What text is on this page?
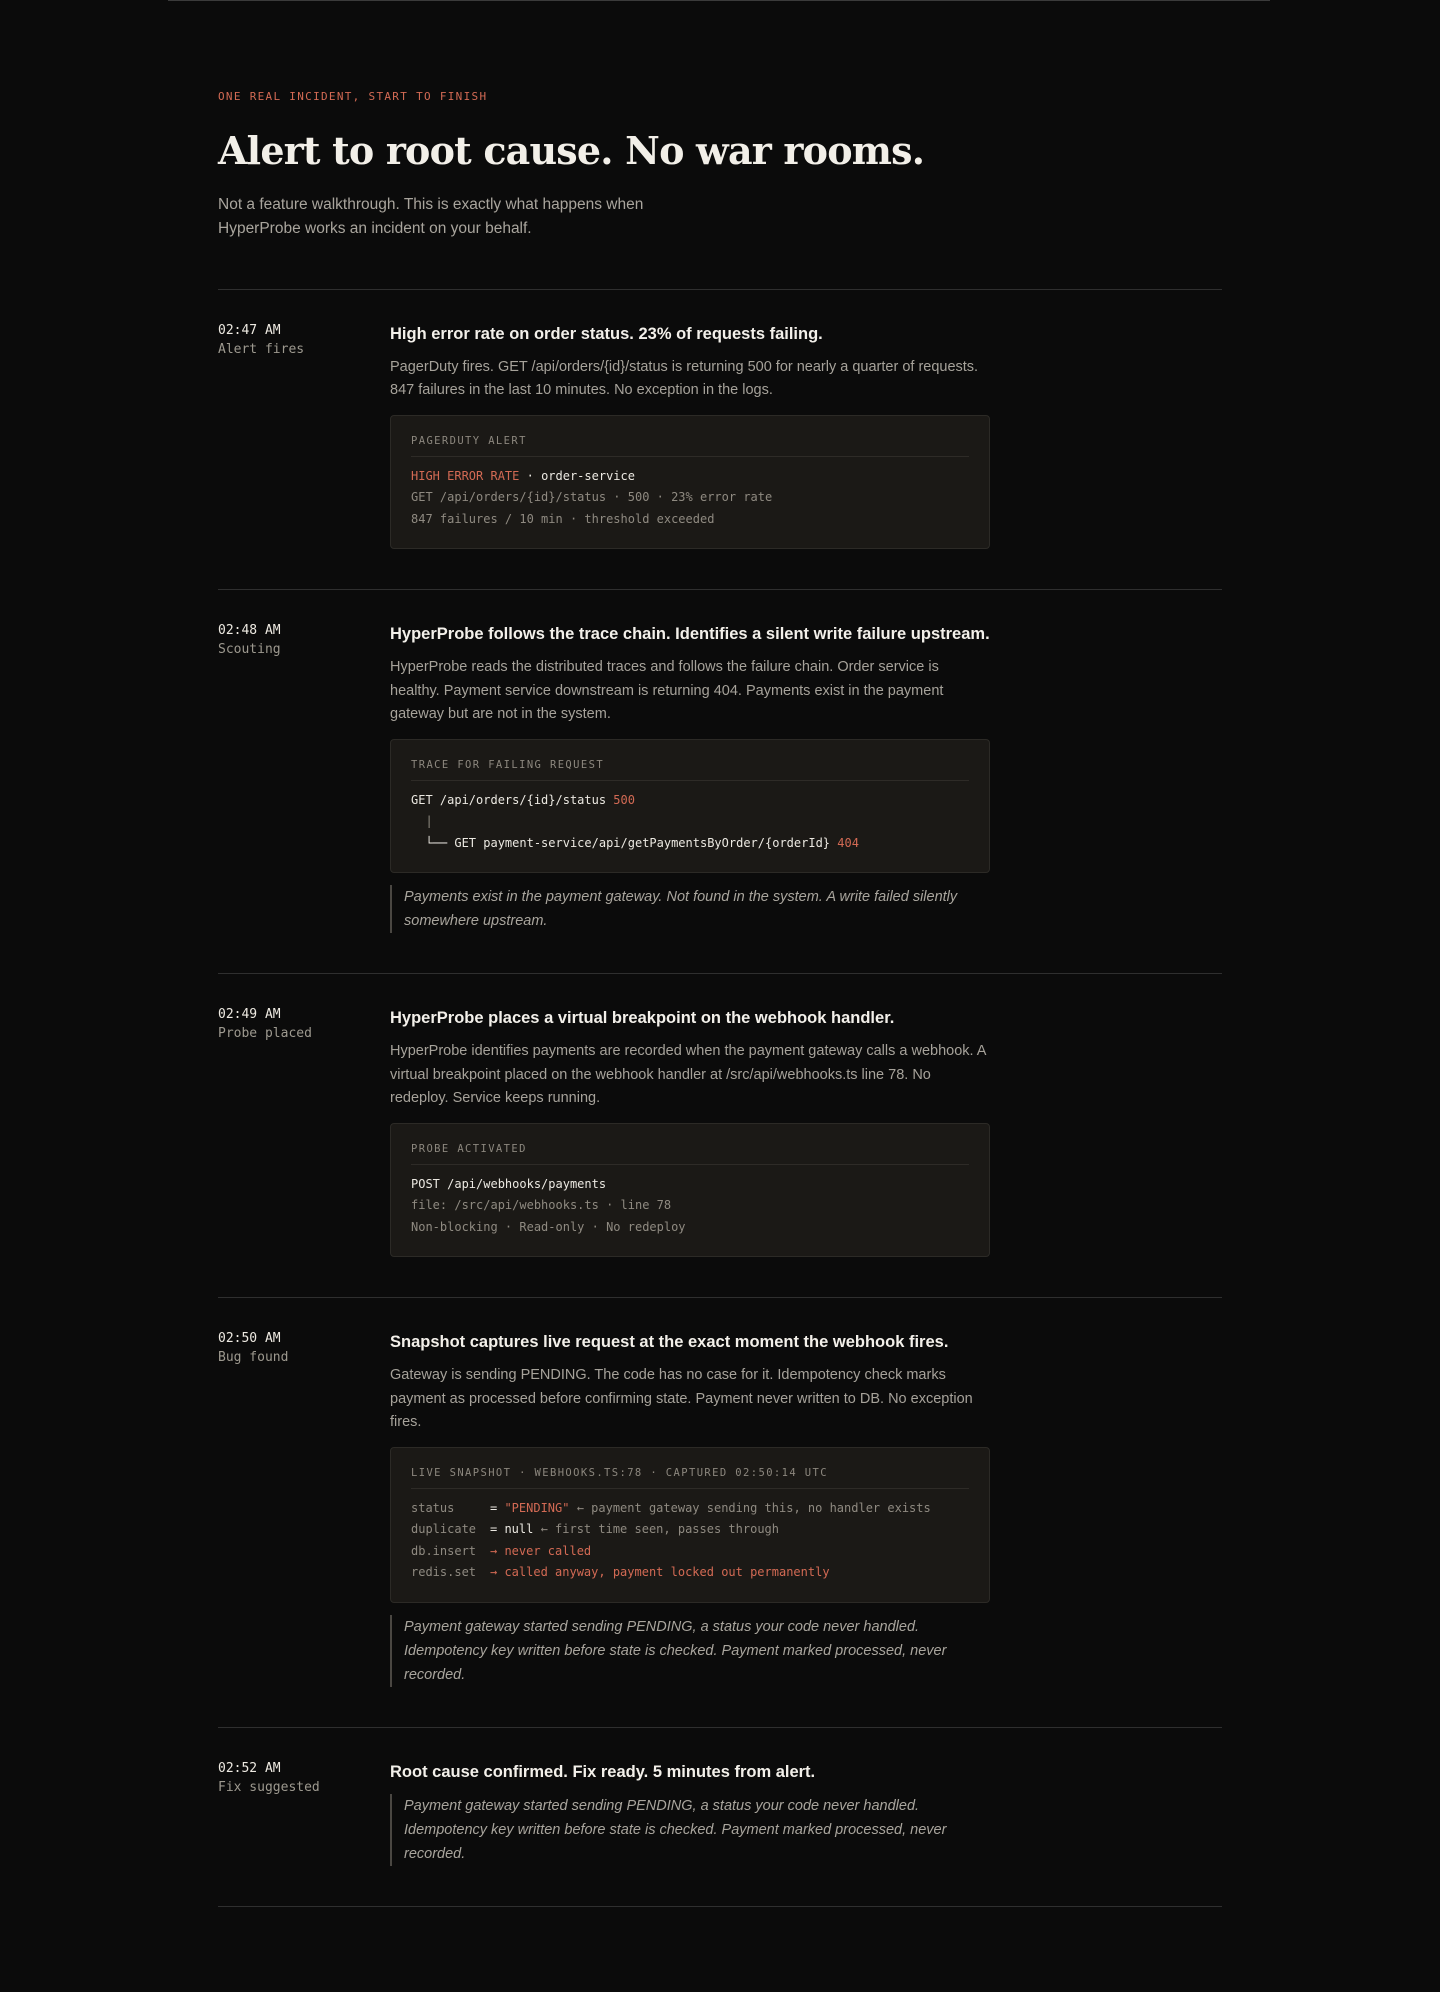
ONE REAL INCIDENT, START TO FINISH
Alert to root cause. No war rooms.
Not a feature walkthrough. This is exactly what happens when HyperProbe works an incident on your behalf.
02:47 AM
Alert fires
High error rate on order status. 23% of requests failing.
PagerDuty fires. GET /api/orders/{id}/status is returning 500 for nearly a quarter of requests. 847 failures in the last 10 minutes. No exception in the logs.
PAGERDUTY ALERT
HIGH ERROR RATE · order-service
GET /api/orders/{id}/status · 500 · 23% error rate
847 failures / 10 min · threshold exceeded
02:48 AM
Scouting
HyperProbe follows the trace chain. Identifies a silent write failure upstream.
HyperProbe reads the distributed traces and follows the failure chain. Order service is healthy. Payment service downstream is returning 404. Payments exist in the payment gateway but are not in the system.
TRACE FOR FAILING REQUEST
GET /api/orders/{id}/status 500
|
└── GET payment-service/api/getPaymentsByOrder/{orderId} 404
Payments exist in the payment gateway. Not found in the system. A write failed silently somewhere upstream.
02:49 AM
Probe placed
HyperProbe places a virtual breakpoint on the webhook handler.
HyperProbe identifies payments are recorded when the payment gateway calls a webhook. A virtual breakpoint placed on the webhook handler at /src/api/webhooks.ts line 78. No redeploy. Service keeps running.
PROBE ACTIVATED
POST /api/webhooks/payments
file: /src/api/webhooks.ts · line 78
Non-blocking · Read-only · No redeploy
02:50 AM
Bug found
Snapshot captures live request at the exact moment the webhook fires.
Gateway is sending PENDING. The code has no case for it. Idempotency check marks payment as processed before confirming state. Payment never written to DB. No exception fires.
LIVE SNAPSHOT · WEBHOOKS.TS:78 · CAPTURED 02:50:14 UTC
status	= "PENDING" ← payment gateway sending this, no handler exists
duplicate = null ← first time seen, passes through
db.insert → never called
redis.set → called anyway, payment locked out permanently
Payment gateway started sending PENDING, a status your code never handled. Idempotency key written before state is checked. Payment marked processed, never recorded.
02:52 AM
Fix suggested
Root cause confirmed. Fix ready. 5 minutes from alert.
Payment gateway started sending PENDING, a status your code never handled. Idempotency key written before state is checked. Payment marked processed, never recorded.
